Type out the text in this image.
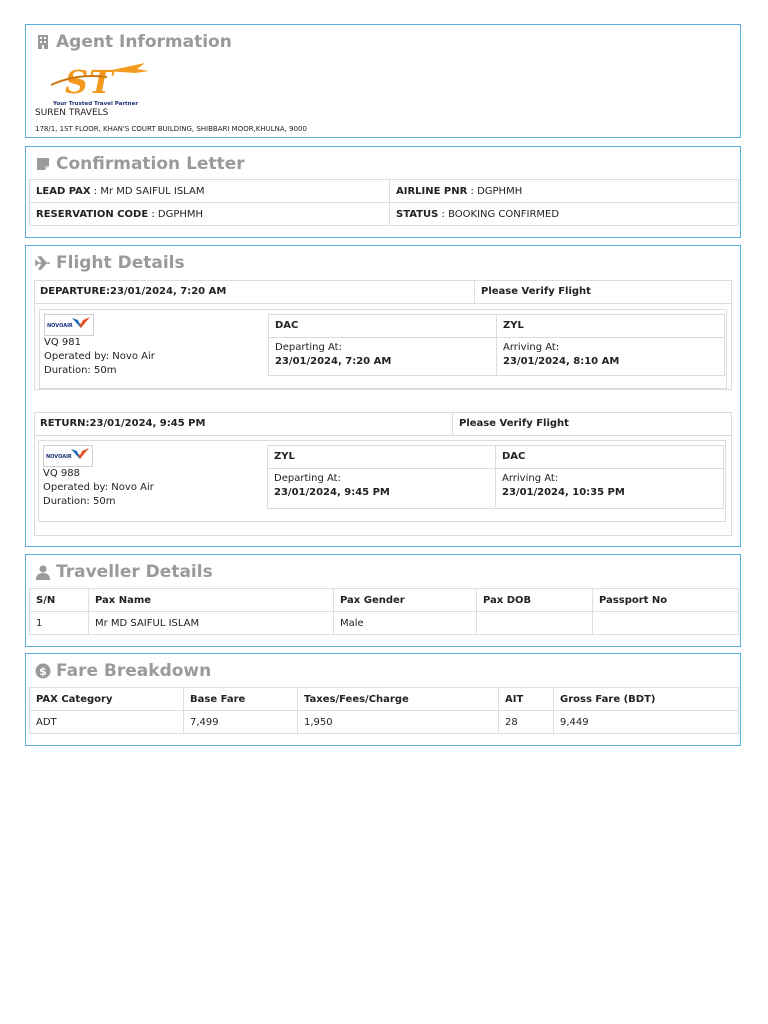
Agent Information
S T
Your Trusted Travel Partner
SUREN TRAVELS
178/1, 1ST FLOOR, KHAN'S COURT BUILDING, SHIBBARI MOOR,KHULNA, 9000
Confirmation Letter
LEAD PAX : Mr MD SAIFUL ISLAM	AIRLINE PNR : DGPHMH
RESERVATION CODE : DGPHMH	STATUS : BOOKING CONFIRMED
Flight Details
DEPARTURE:23/01/2024, 7:20 AM	Please Verify Flight
NOVOAIR
VQ 981
Operated by: Novo Air
Duration: 50m
DAC	ZYL
Departing At:
23/01/2024, 7:20 AM
Arriving At:
23/01/2024, 8:10 AM
RETURN:23/01/2024, 9:45 PM	Please Verify Flight
NOVOAIR
VQ 988
Operated by: Novo Air
Duration: 50m
ZYL	DAC
Departing At:
23/01/2024, 9:45 PM
Arriving At:
23/01/2024, 10:35 PM
Traveller Details
S/N	Pax Name	Pax Gender	Pax DOB	Passport No
1	Mr MD SAIFUL ISLAM	Male		
$ Fare Breakdown
PAX Category	Base Fare	Taxes/Fees/Charge	AIT	Gross Fare (BDT)
ADT	7,499	1,950	28	9,449
